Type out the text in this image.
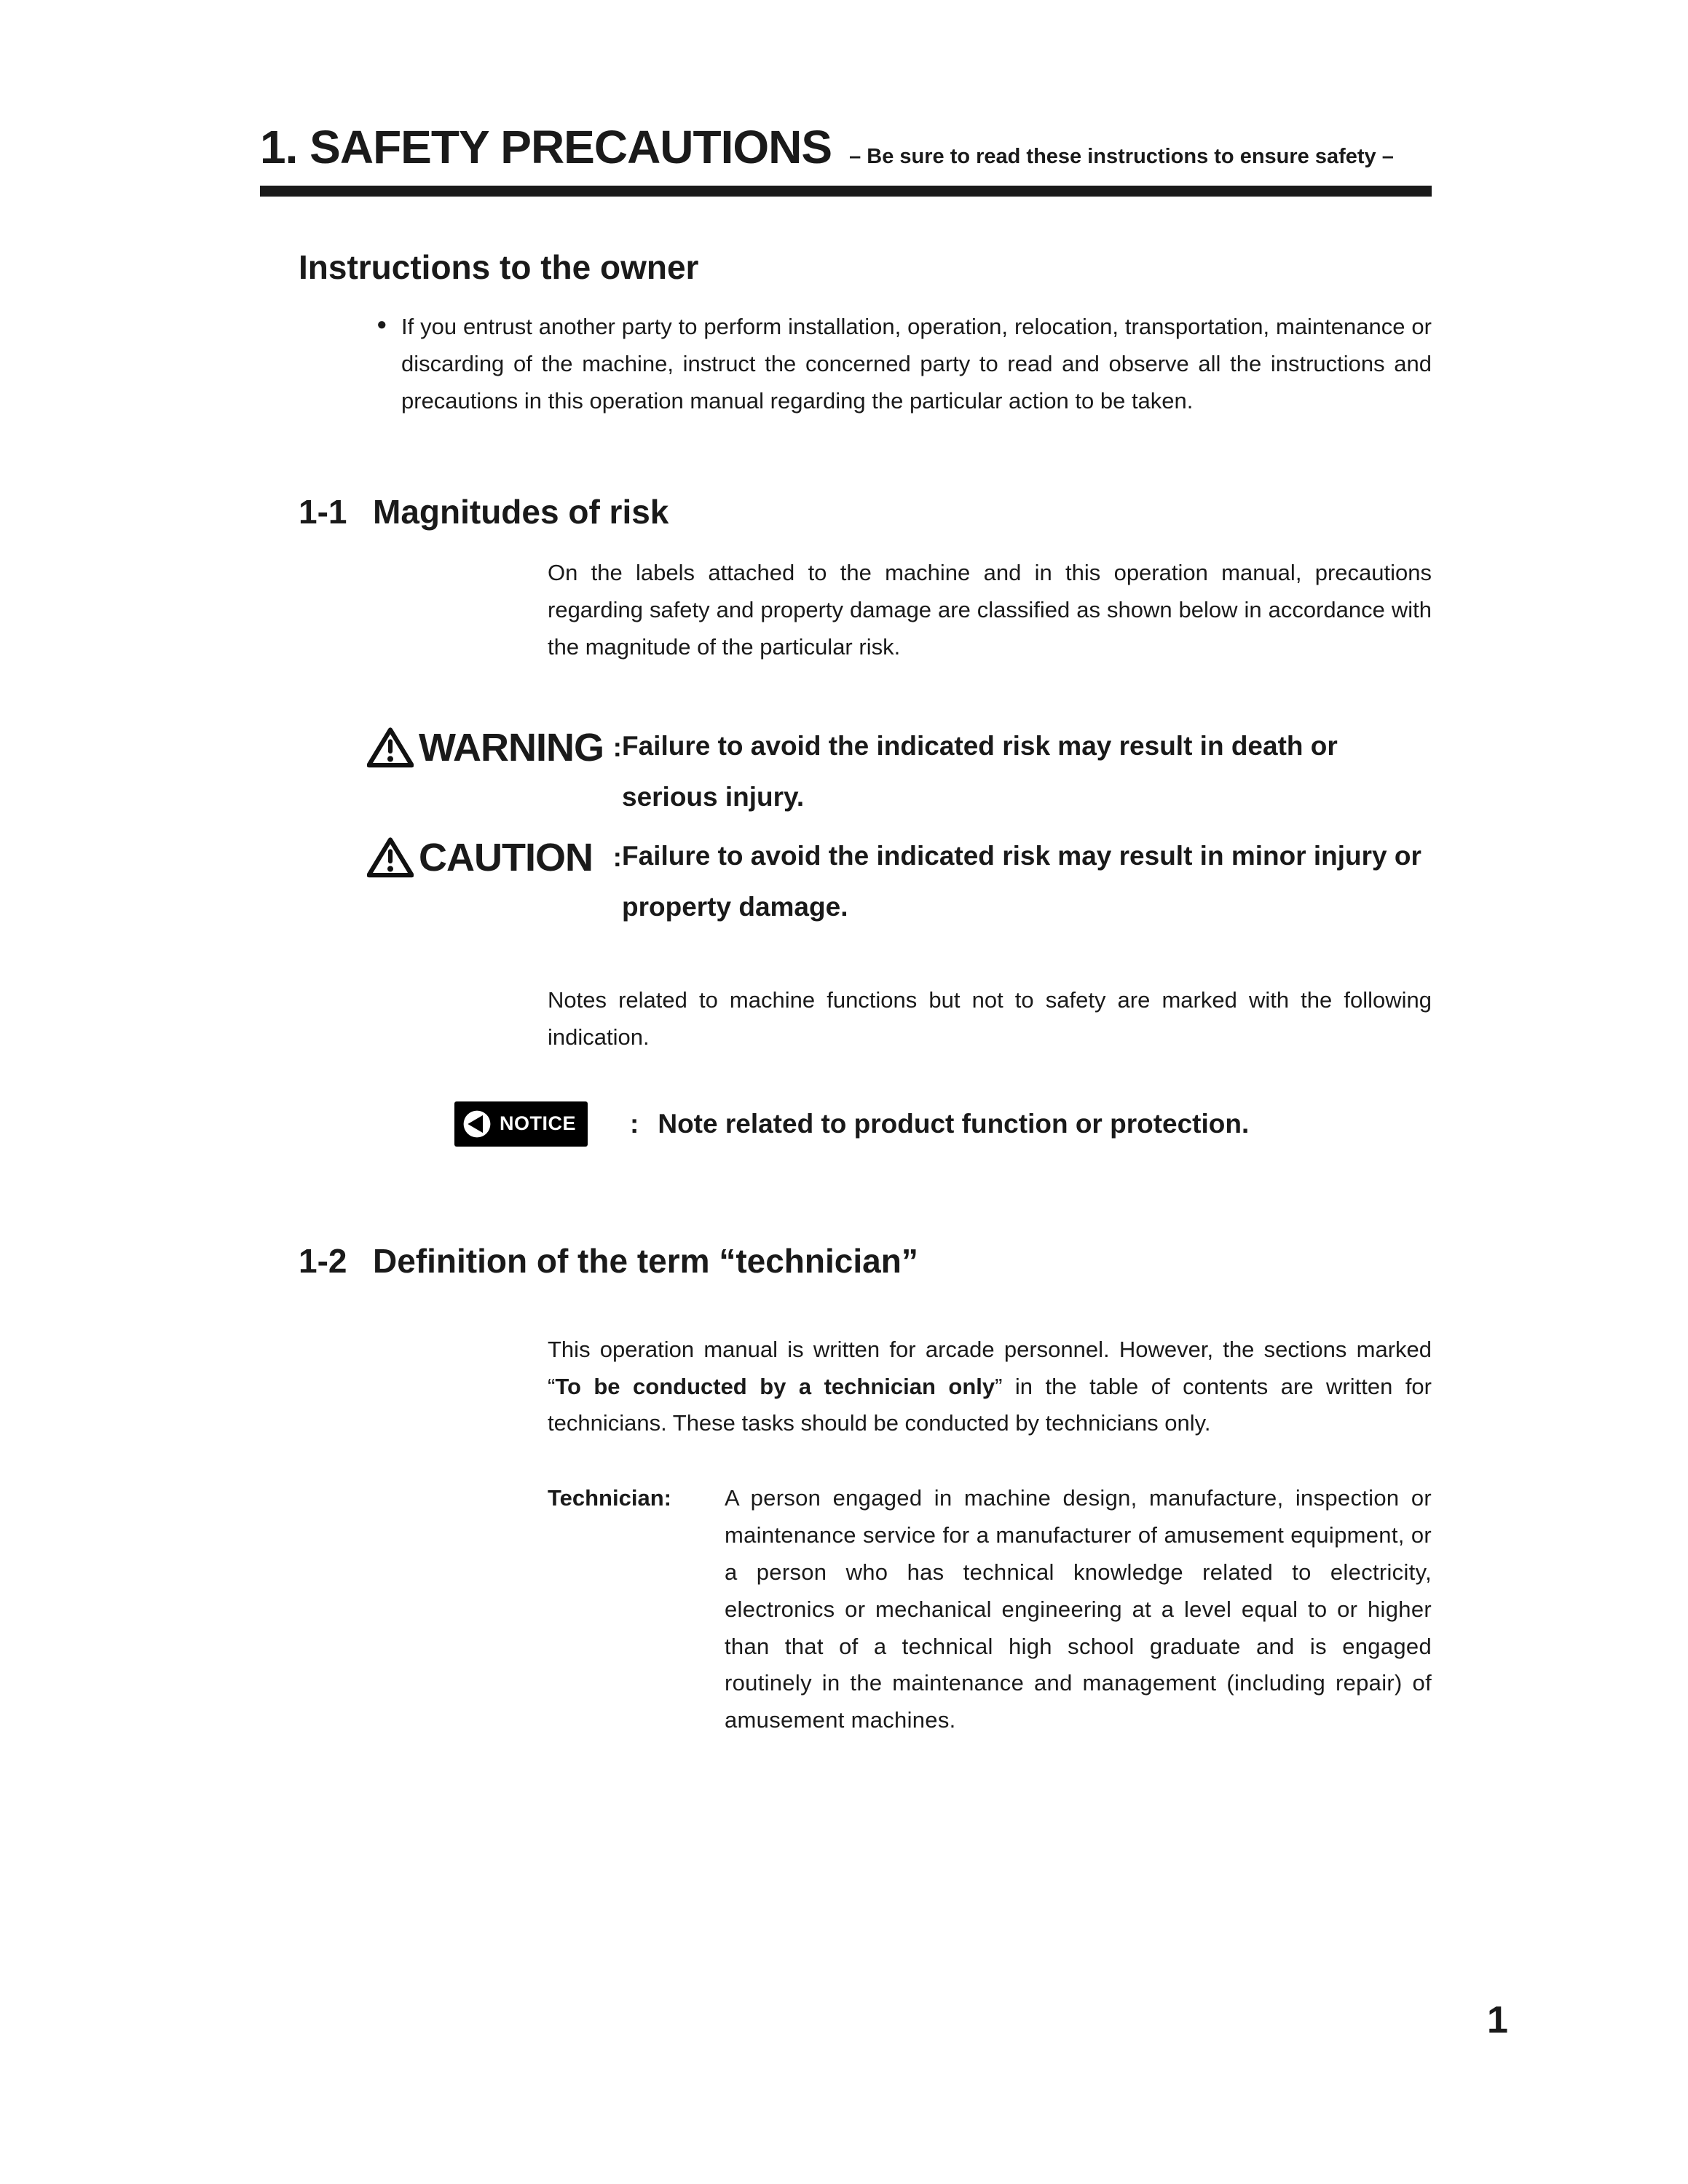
1. SAFETY PRECAUTIONS – Be sure to read these instructions to ensure safety –
Instructions to the owner
● If you entrust another party to perform installation, operation, relocation, transportation, maintenance or discarding of the machine, instruct the concerned party to read and observe all the instructions and precautions in this operation manual regarding the particular action to be taken.

1-1 Magnitudes of risk

On the labels attached to the machine and in this operation manual, precautions regarding safety and property damage are classified as shown below in accordance with the magnitude of the particular risk.

WARNING : Failure to avoid the indicated risk may result in death or serious injury.

CAUTION : Failure to avoid the indicated risk may result in minor injury or property damage.

Notes related to machine functions but not to safety are marked with the following indication.

NOTICE : Note related to product function or protection.

1-2 Definition of the term “technician”

This operation manual is written for arcade personnel. However, the sections marked “To be conducted by a technician only” in the table of contents are written for technicians. These tasks should be conducted by technicians only.

Technician:	A person engaged in machine design, manufacture, inspection or maintenance service for a manufacturer of amusement equipment, or a person who has technical knowledge related to electricity, electronics or mechanical engineering at a level equal to or higher than that of a technical high school graduate and is engaged routinely in the maintenance and management (including repair) of amusement machines.

1
